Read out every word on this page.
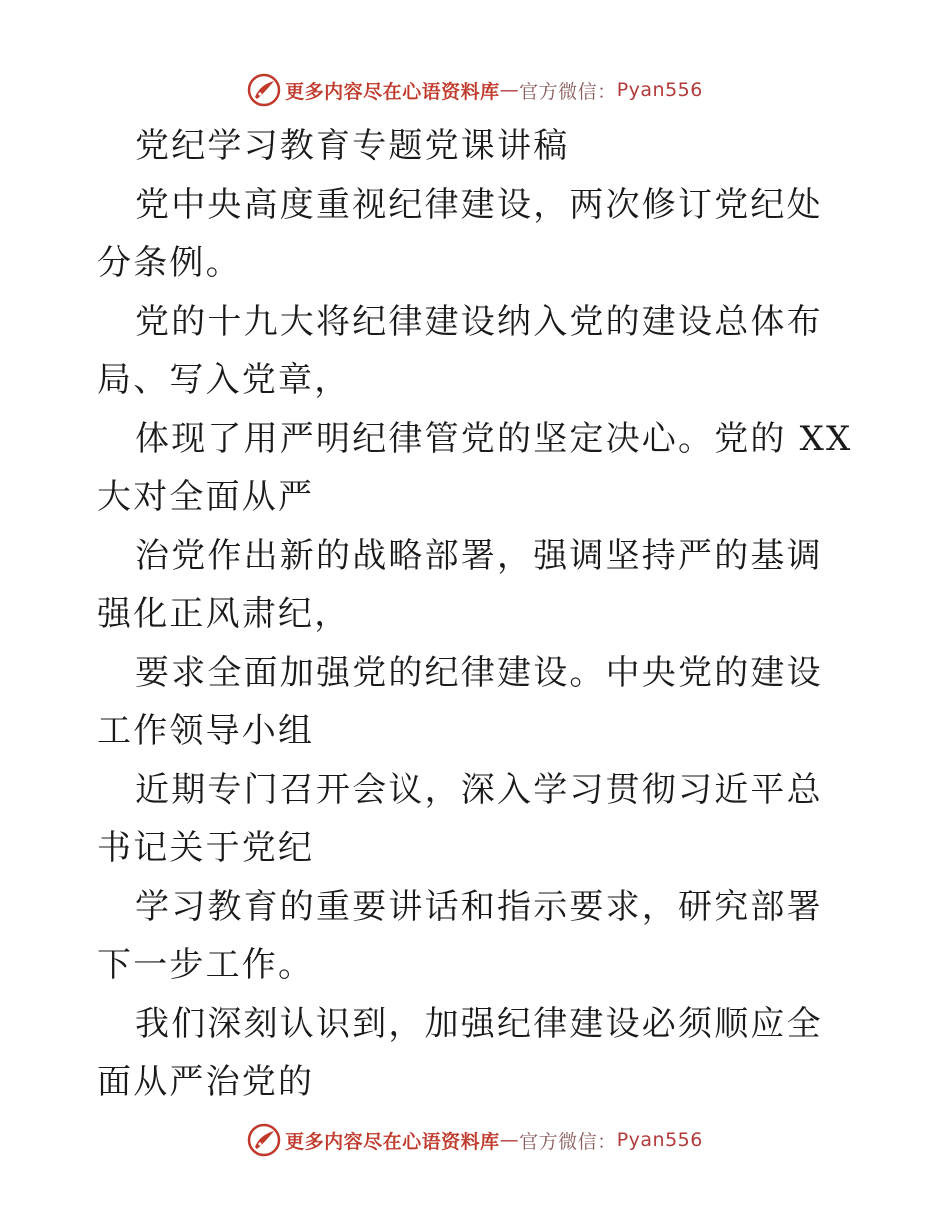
更多内容尽在心语资料库 — 官方微信： Pyan556

党纪学习教育专题党课讲稿

党中央高度重视纪律建设，两次修订党纪处分条例。

党的十九大将纪律建设纳入党的建设总体布局、写入党章，

体现了用严明纪律管党的坚定决心。党的 XX 大对全面从严

治党作出新的战略部署，强调坚持严的基调强化正风肃纪，

要求全面加强党的纪律建设。中央党的建设工作领导小组

近期专门召开会议，深入学习贯彻习近平总书记关于党纪

学习教育的重要讲话和指示要求，研究部署下一步工作。

我们深刻认识到，加强纪律建设必须顺应全面从严治党的

更多内容尽在心语资料库 — 官方微信： Pyan556
